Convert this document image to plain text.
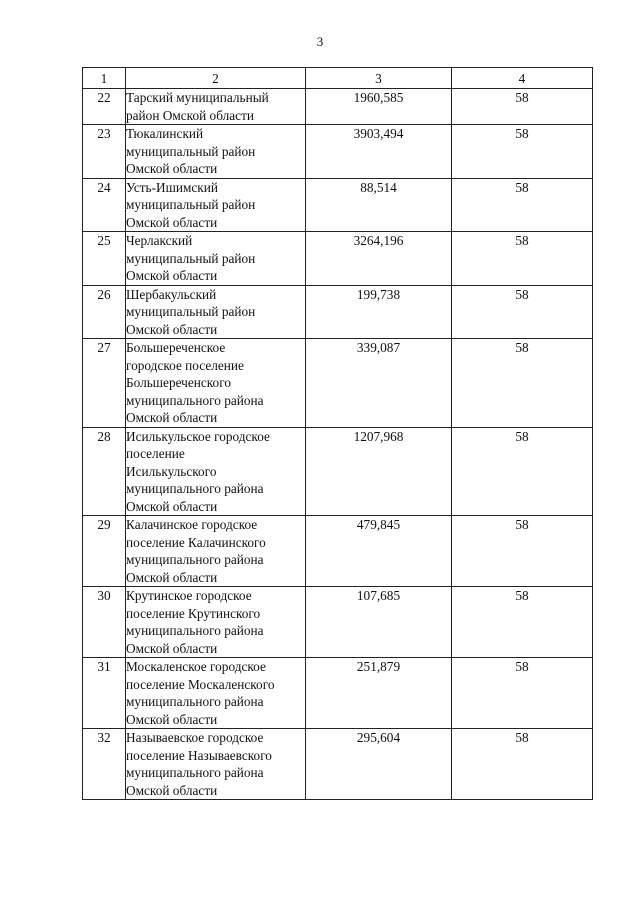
3
1	2	3	4
22	Тарский муниципальный
район Омской области	1960,585	58
23	Тюкалинский
муниципальный район
Омской области	3903,494	58
24	Усть-Ишимский
муниципальный район
Омской области	88,514	58
25	Черлакский
муниципальный район
Омской области	3264,196	58
26	Шербакульский
муниципальный район
Омской области	199,738	58
27	Большереченское
городское поселение
Большереченского
муниципального района
Омской области	339,087	58
28	Исилькульское городское
поселение
Исилькульского
муниципального района
Омской области	1207,968	58
29	Калачинское городское
поселение Калачинского
муниципального района
Омской области	479,845	58
30	Крутинское городское
поселение Крутинского
муниципального района
Омской области	107,685	58
31	Москаленское городское
поселение Москаленского
муниципального района
Омской области	251,879	58
32	Называевское городское
поселение Называевского
муниципального района
Омской области	295,604	58
